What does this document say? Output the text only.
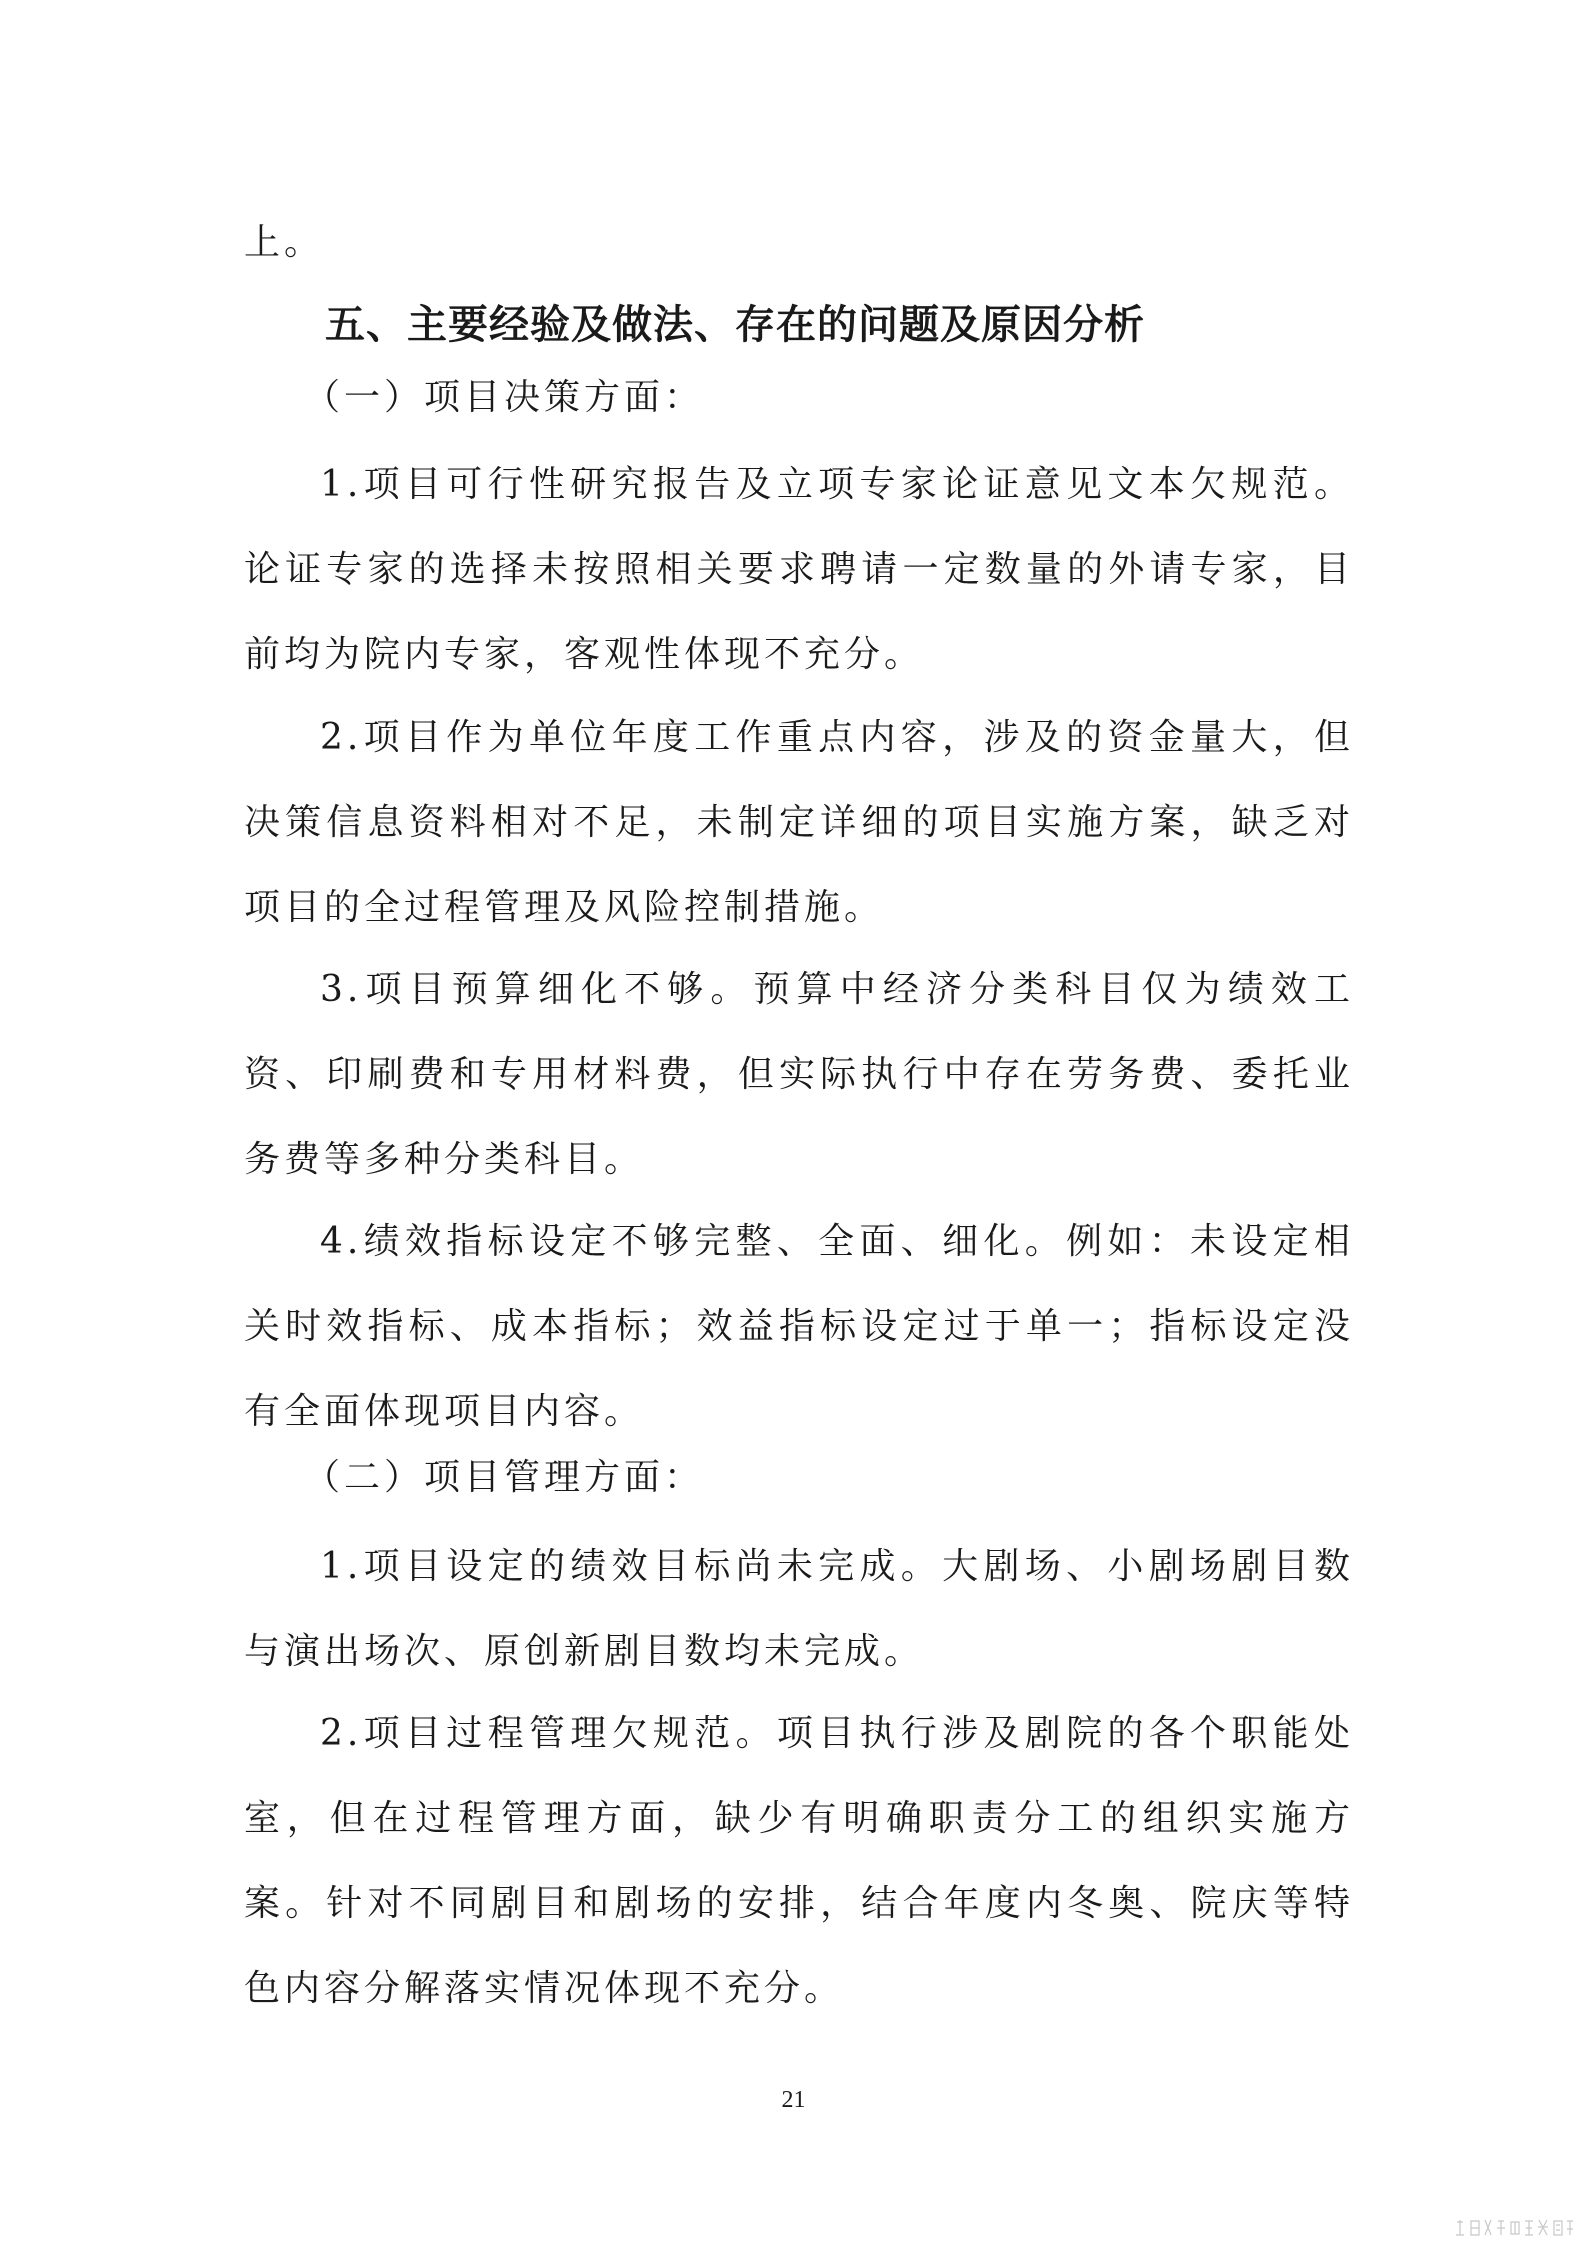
上。

五、主要经验及做法、存在的问题及原因分析

（一）项目决策方面：

1.项目可行性研究报告及立项专家论证意见文本欠规范。论证专家的选择未按照相关要求聘请一定数量的外请专家，目前均为院内专家，客观性体现不充分。

2.项目作为单位年度工作重点内容，涉及的资金量大，但决策信息资料相对不足，未制定详细的项目实施方案，缺乏对项目的全过程管理及风险控制措施。

3.项目预算细化不够。预算中经济分类科目仅为绩效工资、印刷费和专用材料费，但实际执行中存在劳务费、委托业务费等多种分类科目。

4.绩效指标设定不够完整、全面、细化。例如：未设定相关时效指标、成本指标；效益指标设定过于单一；指标设定没有全面体现项目内容。

（二）项目管理方面：

1.项目设定的绩效目标尚未完成。大剧场、小剧场剧目数与演出场次、原创新剧目数均未完成。

2.项目过程管理欠规范。项目执行涉及剧院的各个职能处室，但在过程管理方面，缺少有明确职责分工的组织实施方案。针对不同剧目和剧场的安排，结合年度内冬奥、院庆等特色内容分解落实情况体现不充分。

21
